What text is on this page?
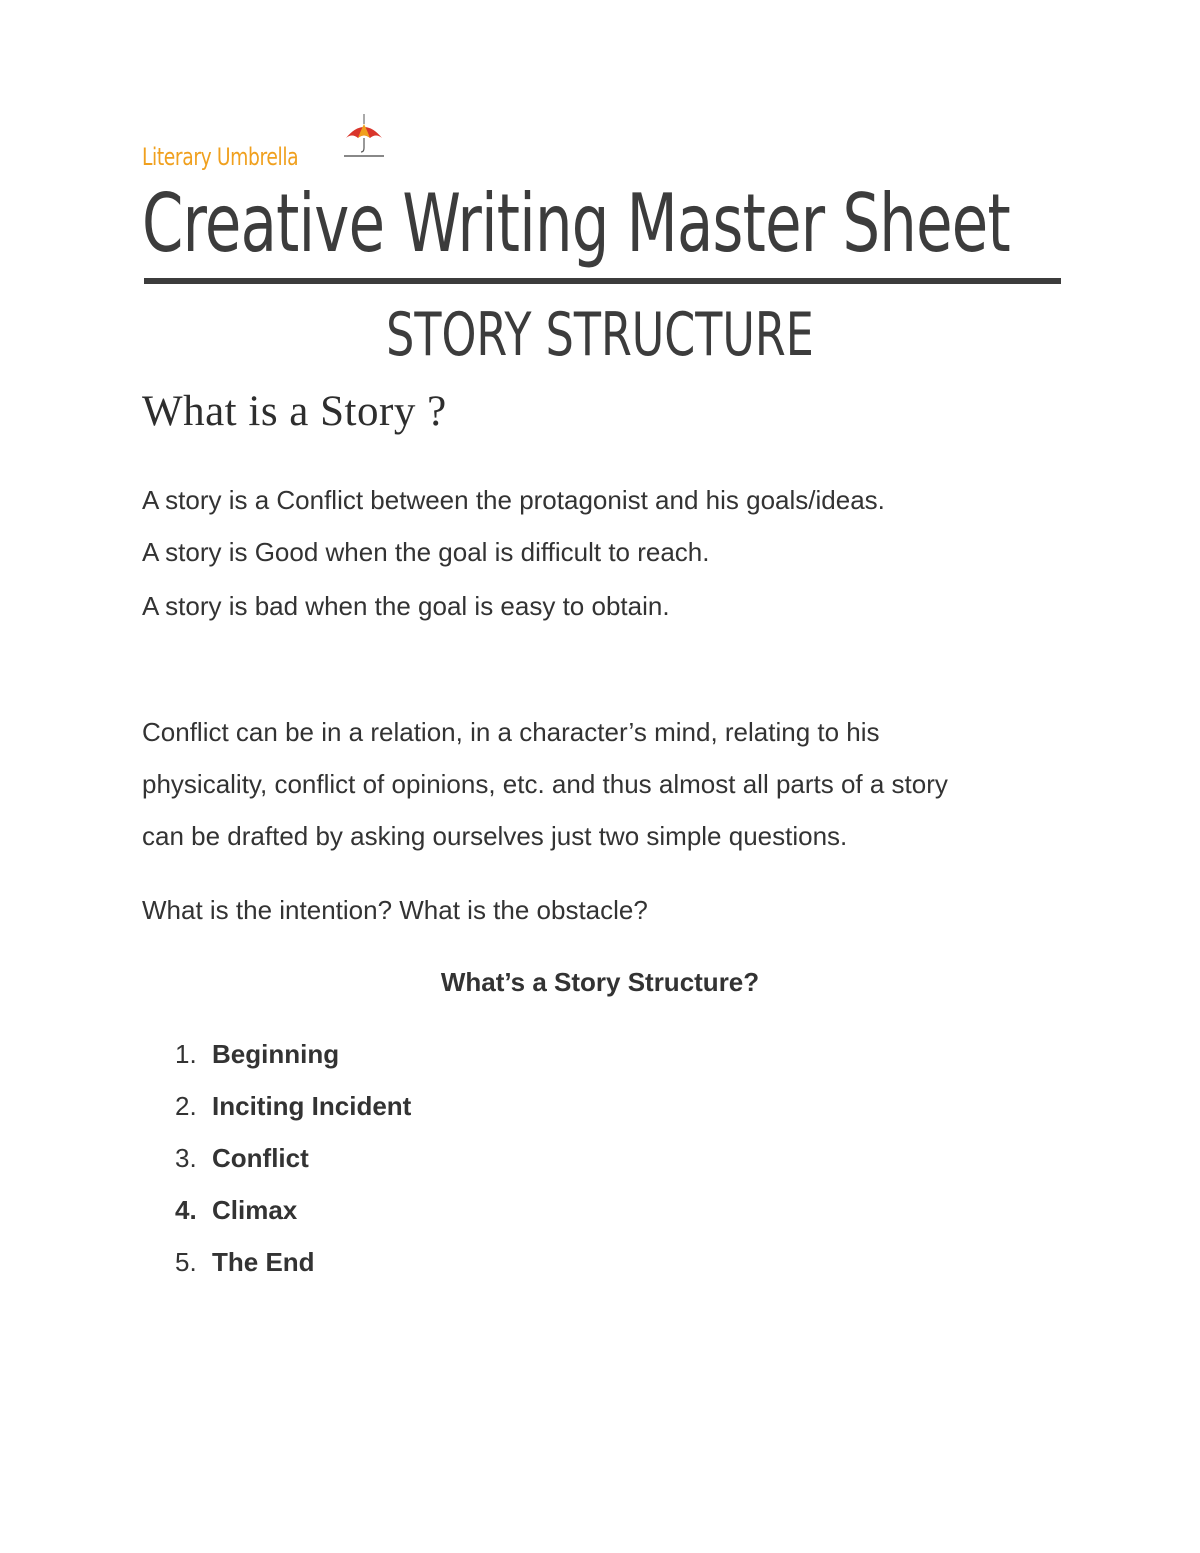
Literary Umbrella
Creative Writing Master Sheet
STORY STRUCTURE
What is a Story ?
A story is a Conflict between the protagonist and his goals/ideas.
A story is Good when the goal is difficult to reach.
A story is bad when the goal is easy to obtain.
Conflict can be in a relation, in a character’s mind, relating to his
physicality, conflict of opinions, etc. and thus almost all parts of a story
can be drafted by asking ourselves just two simple questions.
What is the intention? What is the obstacle?
What’s a Story Structure?
1. Beginning
2. Inciting Incident
3. Conflict
4. Climax
5. The End
